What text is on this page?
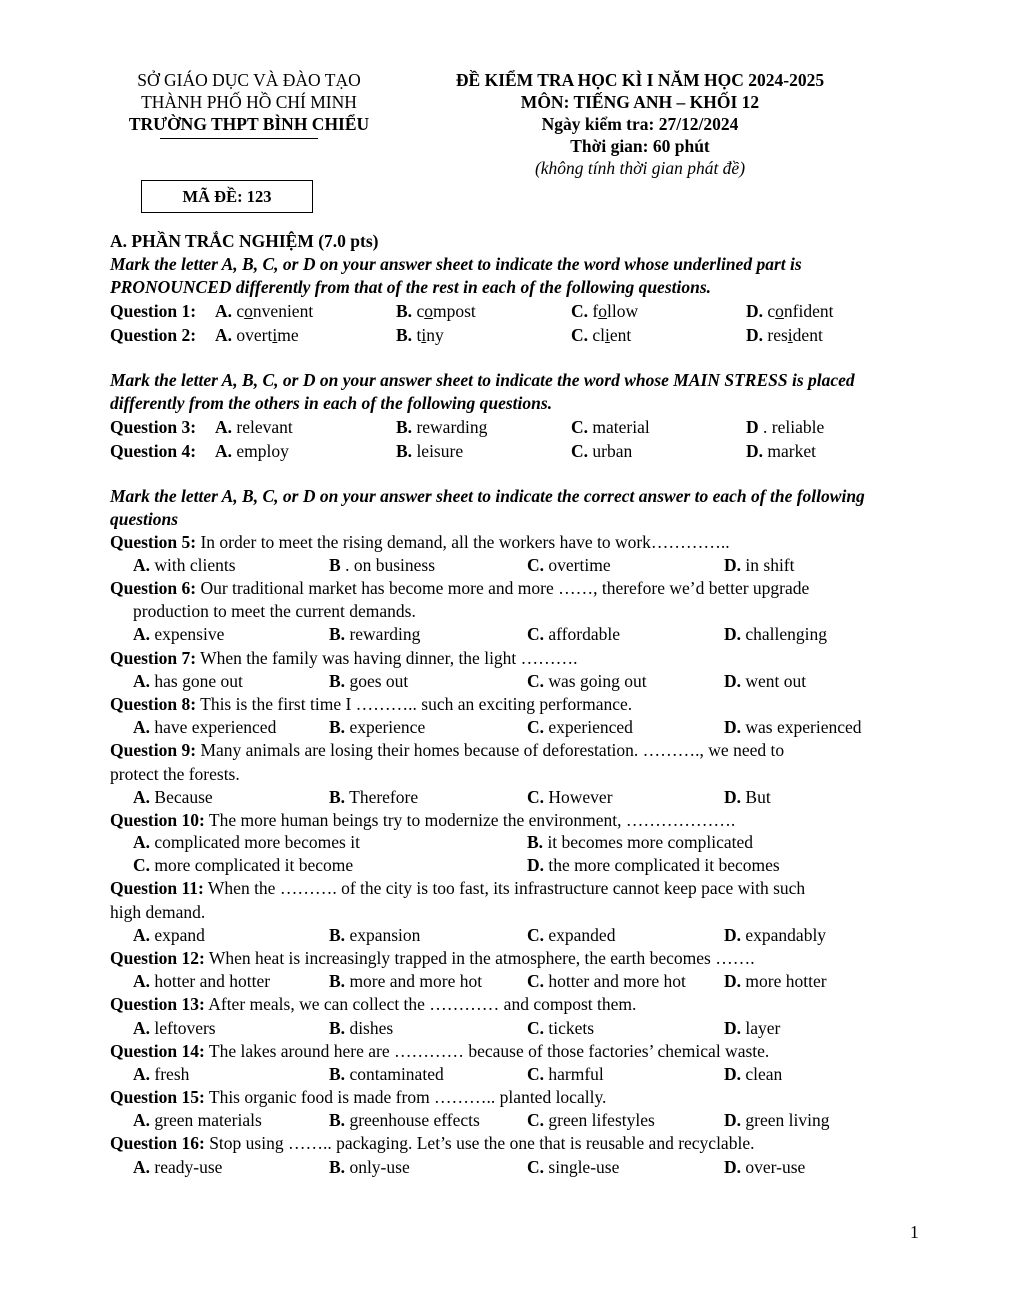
SỞ GIÁO DỤC VÀ ĐÀO TẠO
THÀNH PHỐ HỒ CHÍ MINH
TRƯỜNG THPT BÌNH CHIỂU
ĐỀ KIỂM TRA HỌC KÌ I NĂM HỌC 2024-2025
MÔN: TIẾNG ANH – KHỐI 12
Ngày kiểm tra: 27/12/2024
Thời gian: 60 phút
(không tính thời gian phát đề)
MÃ ĐỀ: 123
A. PHẦN TRẮC NGHIỆM (7.0 pts)
Mark the letter A, B, C, or D on your answer sheet to indicate the word whose underlined part is PRONOUNCED differently from that of the rest in each of the following questions.
Question 1: A. convenient	B. compost	C. follow	D. confident
Question 2: A. overtime	B. tiny	C. client	D. resident
Question 3: A. relevant	B. rewarding	C. material	D . reliable
Question 4: A. employ	B. leisure	C. urban	D. market
Question 5: In order to meet the rising demand, all the workers have to work…………..
A. with clients	B . on business	C. overtime	D. in shift
Question 6: Our traditional market has become more and more ……, therefore we’d better upgrade
production to meet the current demands.
A. expensive	B. rewarding	C. affordable	D. challenging
Question 7: When the family was having dinner, the light ……….
A. has gone out	B. goes out	C. was going out	D. went out
Question 8: This is the first time I ……….. such an exciting performance.
A. have experienced	B. experience	C. experienced	D. was experienced
Question 9: Many animals are losing their homes because of deforestation. ………., we need to
protect the forests.
A. Because	B. Therefore	C. However	D. But
Question 10: The more human beings try to modernize the environment, ……………….
A. complicated more becomes it	B. it becomes more complicated
C. more complicated it become	D. the more complicated it becomes
Question 11: When the ………. of the city is too fast, its infrastructure cannot keep pace with such
high demand.
A. expand	B. expansion	C. expanded	D. expandably
Question 12: When heat is increasingly trapped in the atmosphere, the earth becomes …….
A. hotter and hotter	B. more and more hot	C. hotter and more hot D. more hotter
Question 13: After meals, we can collect the ………… and compost them.
A. leftovers	B. dishes	C. tickets	D. layer
Question 14: The lakes around here are ………… because of those factories’ chemical waste.
A. fresh	B. contaminated	C. harmful	D. clean
Question 15: This organic food is made from ……….. planted locally.
A. green materials	B. greenhouse effects	C. green lifestyles	D. green living
Question 16: Stop using …….. packaging. Let’s use the one that is reusable and recyclable.
A. ready-use	B. only-use	C. single-use	D. over-use
Mark the letter A, B, C, or D on your answer sheet to indicate the word whose MAIN STRESS is placed differently from the others in each of the following questions.
Mark the letter A, B, C, or D on your answer sheet to indicate the correct answer to each of the following questions
1
